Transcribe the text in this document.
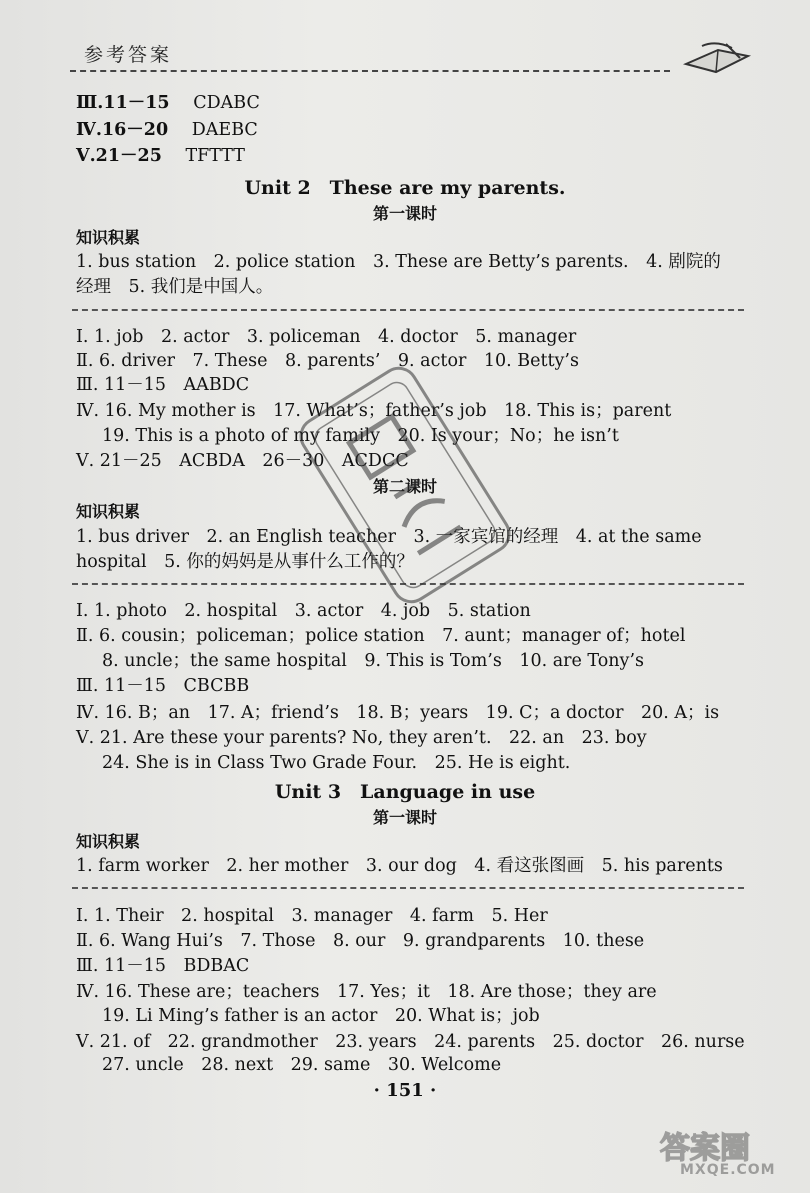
参考答案
Ⅲ.11－15 CDABC
Ⅳ.16－20 DAEBC
Ⅴ.21－25 TFTTT
Unit 2　These are my parents.
第一课时
知识积累
1. bus station　2. police station　3. These are Betty’s parents.　4. 剧院的
经理　5. 我们是中国人。
Ⅰ. 1. job　2. actor　3. policeman　4. doctor　5. manager
Ⅱ. 6. driver　7. These　8. parents’　9. actor　10. Betty’s
Ⅲ. 11－15　AABDC
Ⅳ. 16. My mother is　17. What’s；father’s job　18. This is；parent
19. This is a photo of my family　20. Is your；No；he isn’t
Ⅴ. 21－25　ACBDA　26－30　ACDCC
第二课时
知识积累
1. bus driver　2. an English teacher　3. 一家宾馆的经理　4. at the same
hospital　5. 你的妈妈是从事什么工作的？
Ⅰ. 1. photo　2. hospital　3. actor　4. job　5. station
Ⅱ. 6. cousin；policeman；police station　7. aunt；manager of；hotel
8. uncle；the same hospital　9. This is Tom’s　10. are Tony’s
Ⅲ. 11－15　CBCBB
Ⅳ. 16. B；an　17. A；friend’s　18. B；years　19. C；a doctor　20. A；is
Ⅴ. 21. Are these your parents? No, they aren’t.　22. an　23. boy
24. She is in Class Two Grade Four.　25. He is eight.
Unit 3　Language in use
第一课时
知识积累
1. farm worker　2. her mother　3. our dog　4. 看这张图画　5. his parents
Ⅰ. 1. Their　2. hospital　3. manager　4. farm　5. Her
Ⅱ. 6. Wang Hui’s　7. Those　8. our　9. grandparents　10. these
Ⅲ. 11－15　BDBAC
Ⅳ. 16. These are；teachers　17. Yes；it　18. Are those；they are
19. Li Ming’s father is an actor　20. What is；job
Ⅴ. 21. of　22. grandmother　23. years　24. parents　25. doctor　26. nurse
27. uncle　28. next　29. same　30. Welcome
· 151 ·
答案圈
MXQE.COM
